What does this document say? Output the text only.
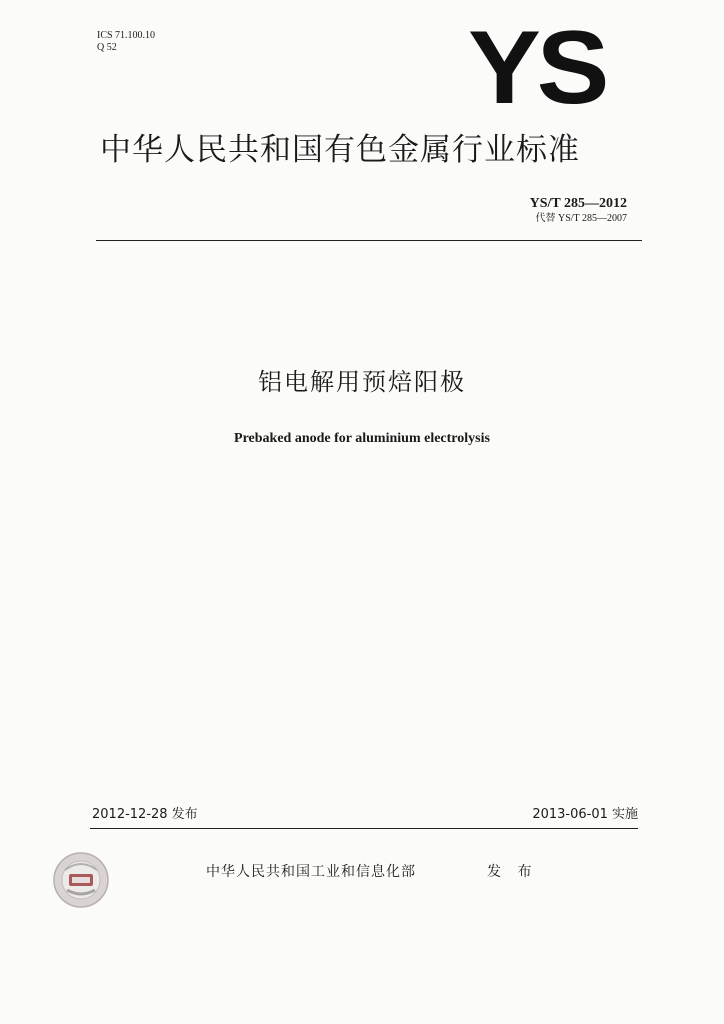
ICS 71.100.10
Q 52	YS
中华人民共和国有色金属行业标准
YS/T 285—2012
代替 YS/T 285—2007
铝电解用预焙阳极
Prebaked anode for aluminium electrolysis
2012-12-28 发布	2013-06-01 实施
中华人民共和国工业和信息化部	发 布
